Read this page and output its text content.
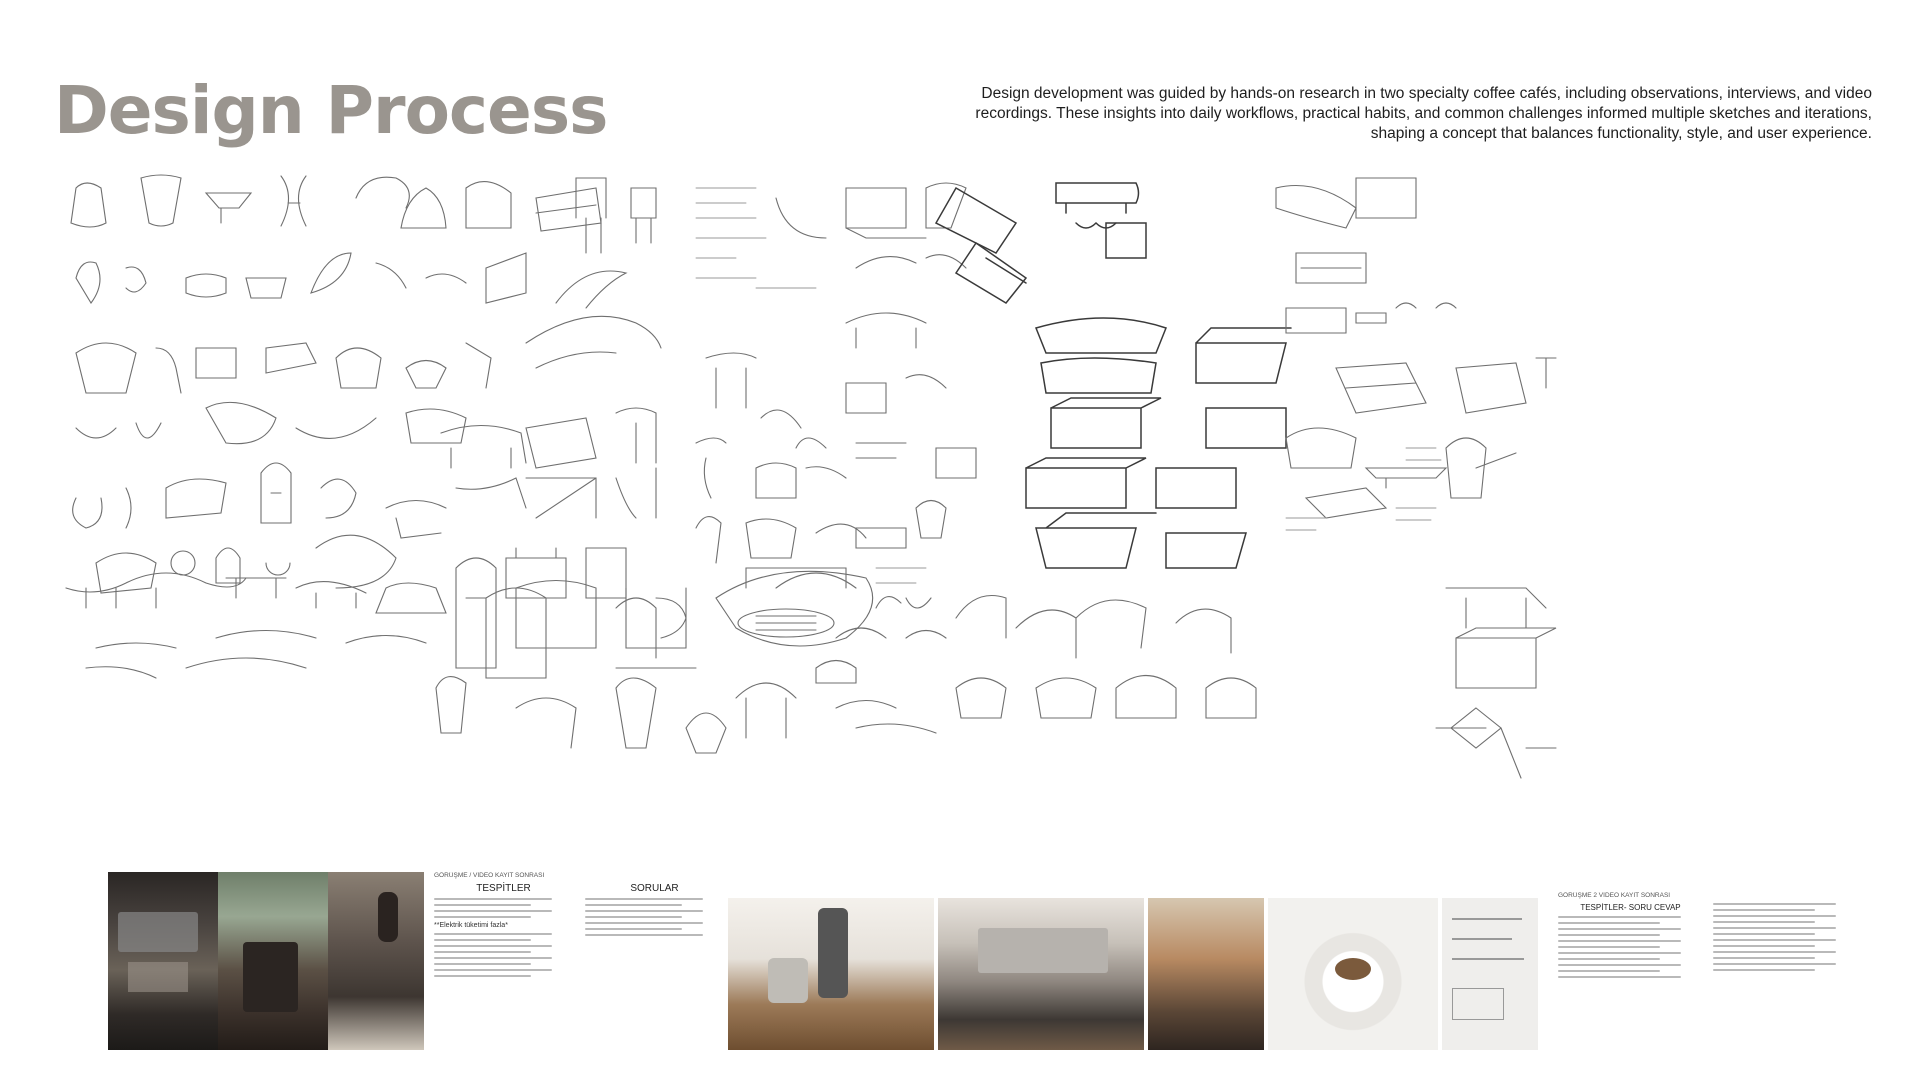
Design Process	Design development was guided by hands-on research in two specialty coffee cafés, including observations, interviews, and video recordings. These insights into daily workflows, practical habits, and common challenges informed multiple sketches and iterations, shaping a concept that balances functionality, style, and user experience.
GÖRÜŞME / VİDEO KAYIT SONRASI
TESPİTLER
**Elektrik tüketimi fazla*
SORULAR
GÖRÜŞME 2 VİDEO KAYIT SONRASI
TESPİTLER- SORU CEVAP
